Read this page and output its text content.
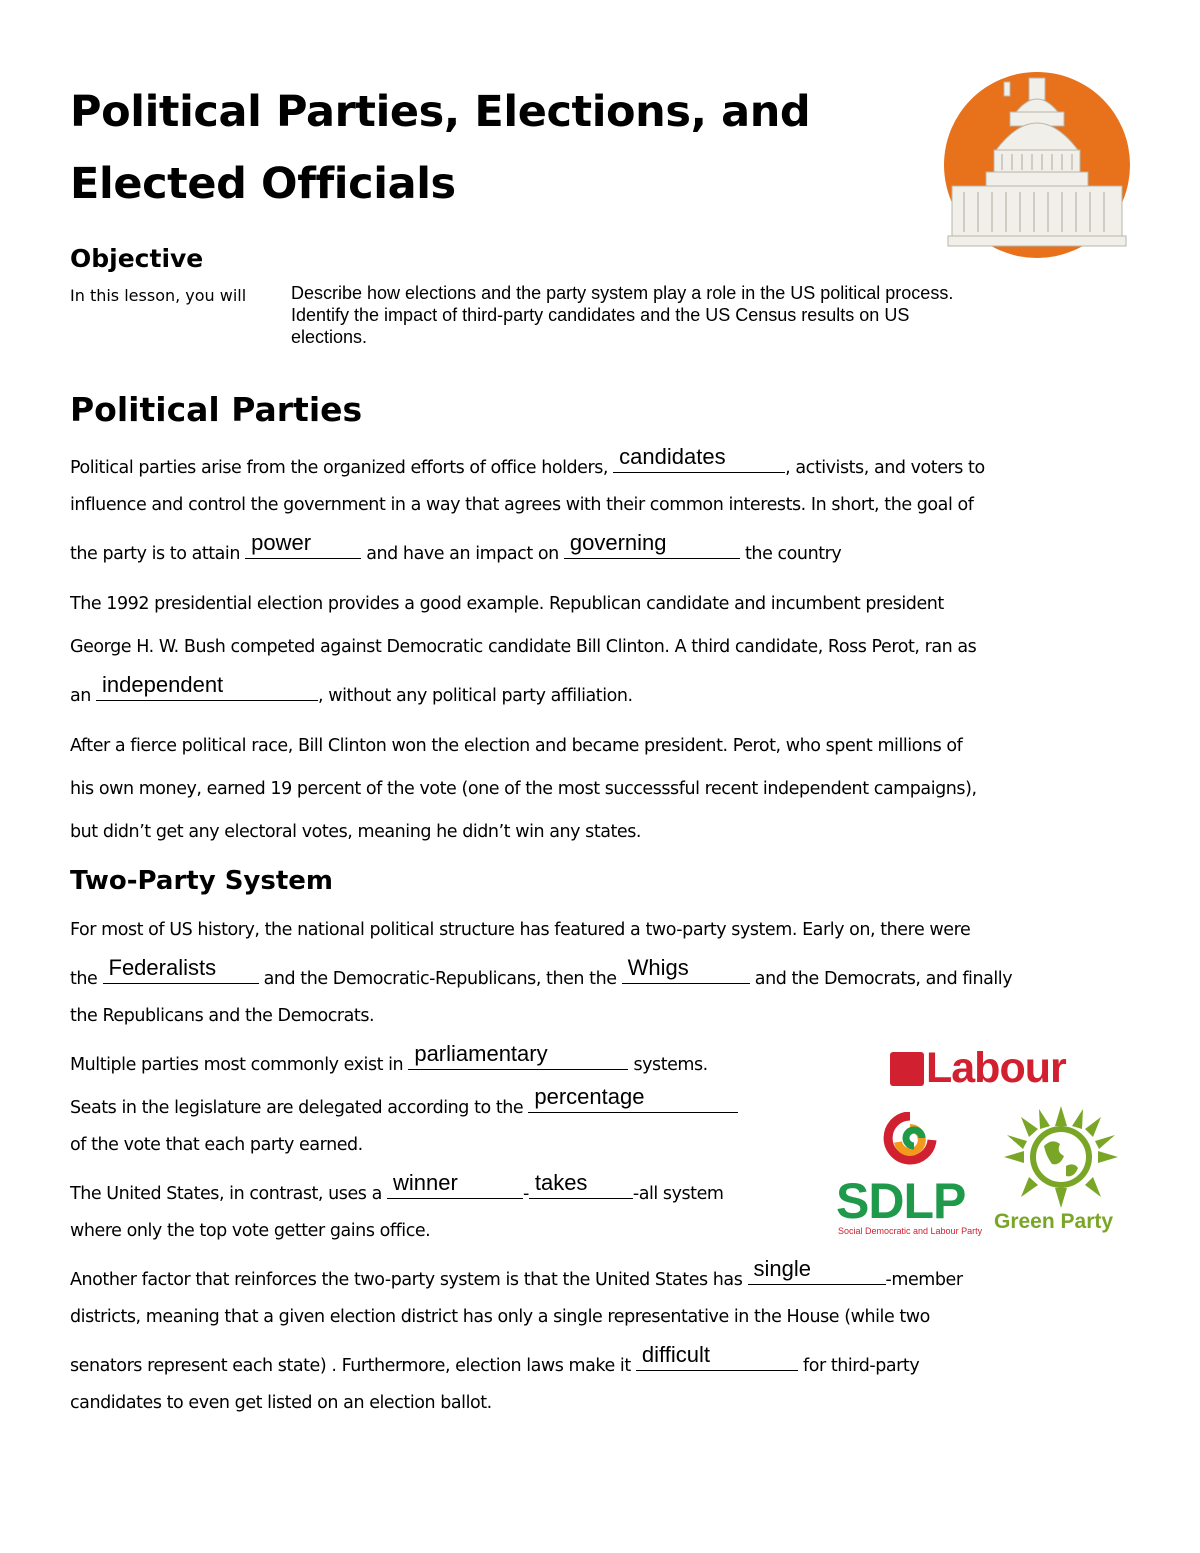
Political Parties, Elections, and
Elected Officials
Objective
In this lesson, you will Describe how elections and the party system play a role in the US political process.
Identify the impact of third-party candidates and the US Census results on US
elections.
Political Parties
Political parties arise from the organized efforts of office holders, candidates	, activists, and voters to
influence and control the government in a way that agrees with their common interests. In short, the goal of
the party is to attain power	and have an impact on governing	the country
The 1992 presidential election provides a good example. Republican candidate and incumbent president
George H. W. Bush competed against Democratic candidate Bill Clinton. A third candidate, Ross Perot, ran as
an independent	, without any political party affiliation.
After a fierce political race, Bill Clinton won the election and became president. Perot, who spent millions of
his own money, earned 19 percent of the vote (one of the most successsful recent independent campaigns),
but didn’t get any electoral votes, meaning he didn’t win any states.
Two-Party System
For most of US history, the national political structure has featured a two-party system. Early on, there were
the Federalists	and the Democratic-Republicans, then the Whigs	and the Democrats, and finally
the Republicans and the Democrats.
Multiple parties most commonly exist in parliamentary	systems.
Seats in the legislature are delegated according to the percentage
of the vote that each party earned.
The United States, in contrast, uses a winner	- takes	-all system
where only the top vote getter gains office.
Another factor that reinforces the two-party system is that the United States has single	-member
districts, meaning that a given election district has only a single representative in the House (while two
senators represent each state) . Furthermore, election laws make it difficult	for third-party
candidates to even get listed on an election ballot.
Labour
SDLP
Social Democratic and Labour Party Green Party
